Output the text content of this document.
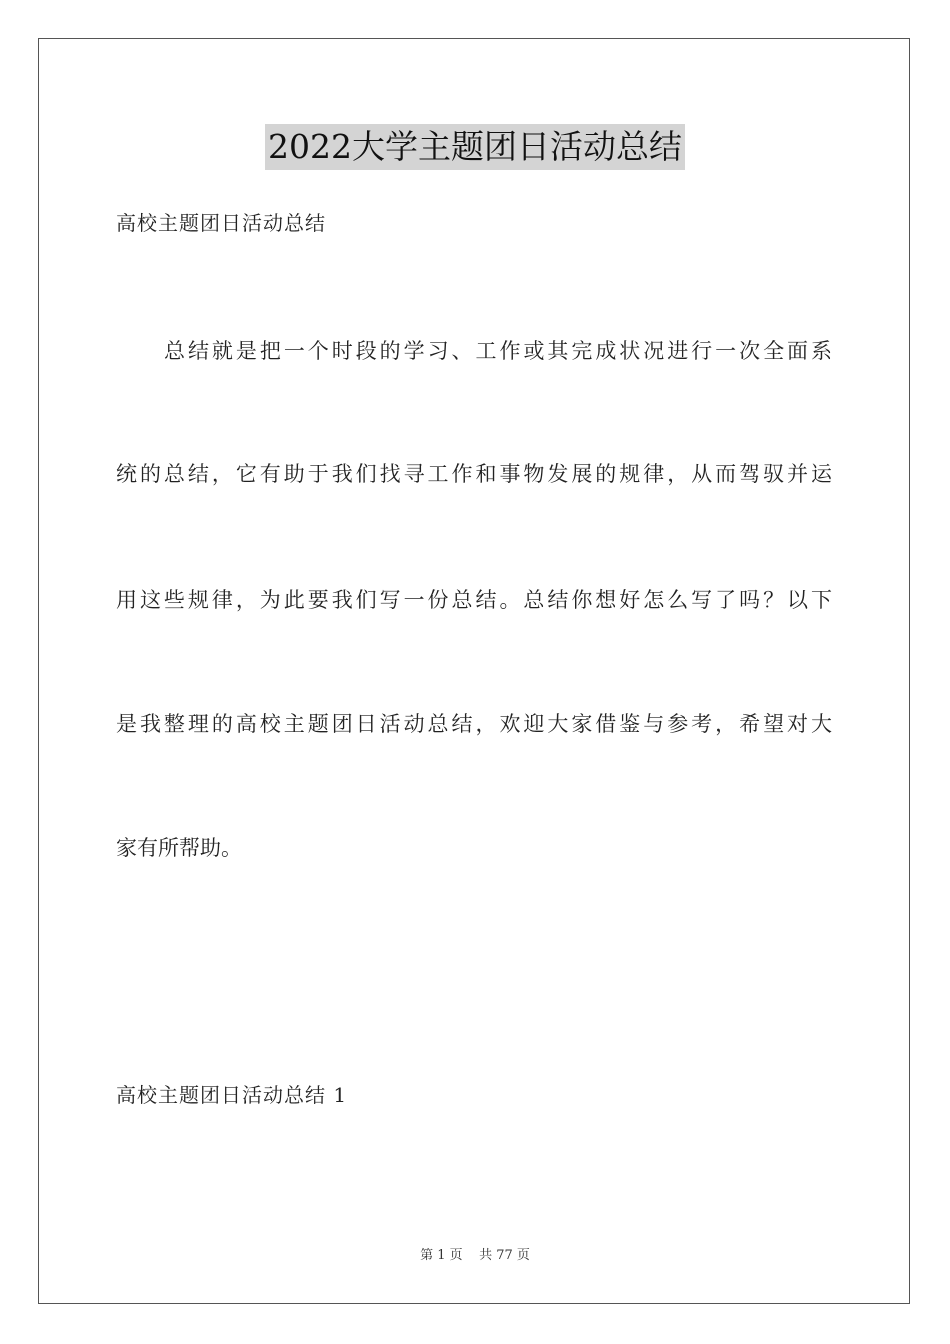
2022大学主题团日活动总结

高校主题团日活动总结

总结就是把一个时段的学习、工作或其完成状况进行一次全面系

统的总结，它有助于我们找寻工作和事物发展的规律，从而驾驭并运

用这些规律，为此要我们写一份总结。总结你想好怎么写了吗？以下

是我整理的高校主题团日活动总结，欢迎大家借鉴与参考，希望对大

家有所帮助。

高校主题团日活动总结 1

第 1 页    共 77 页
